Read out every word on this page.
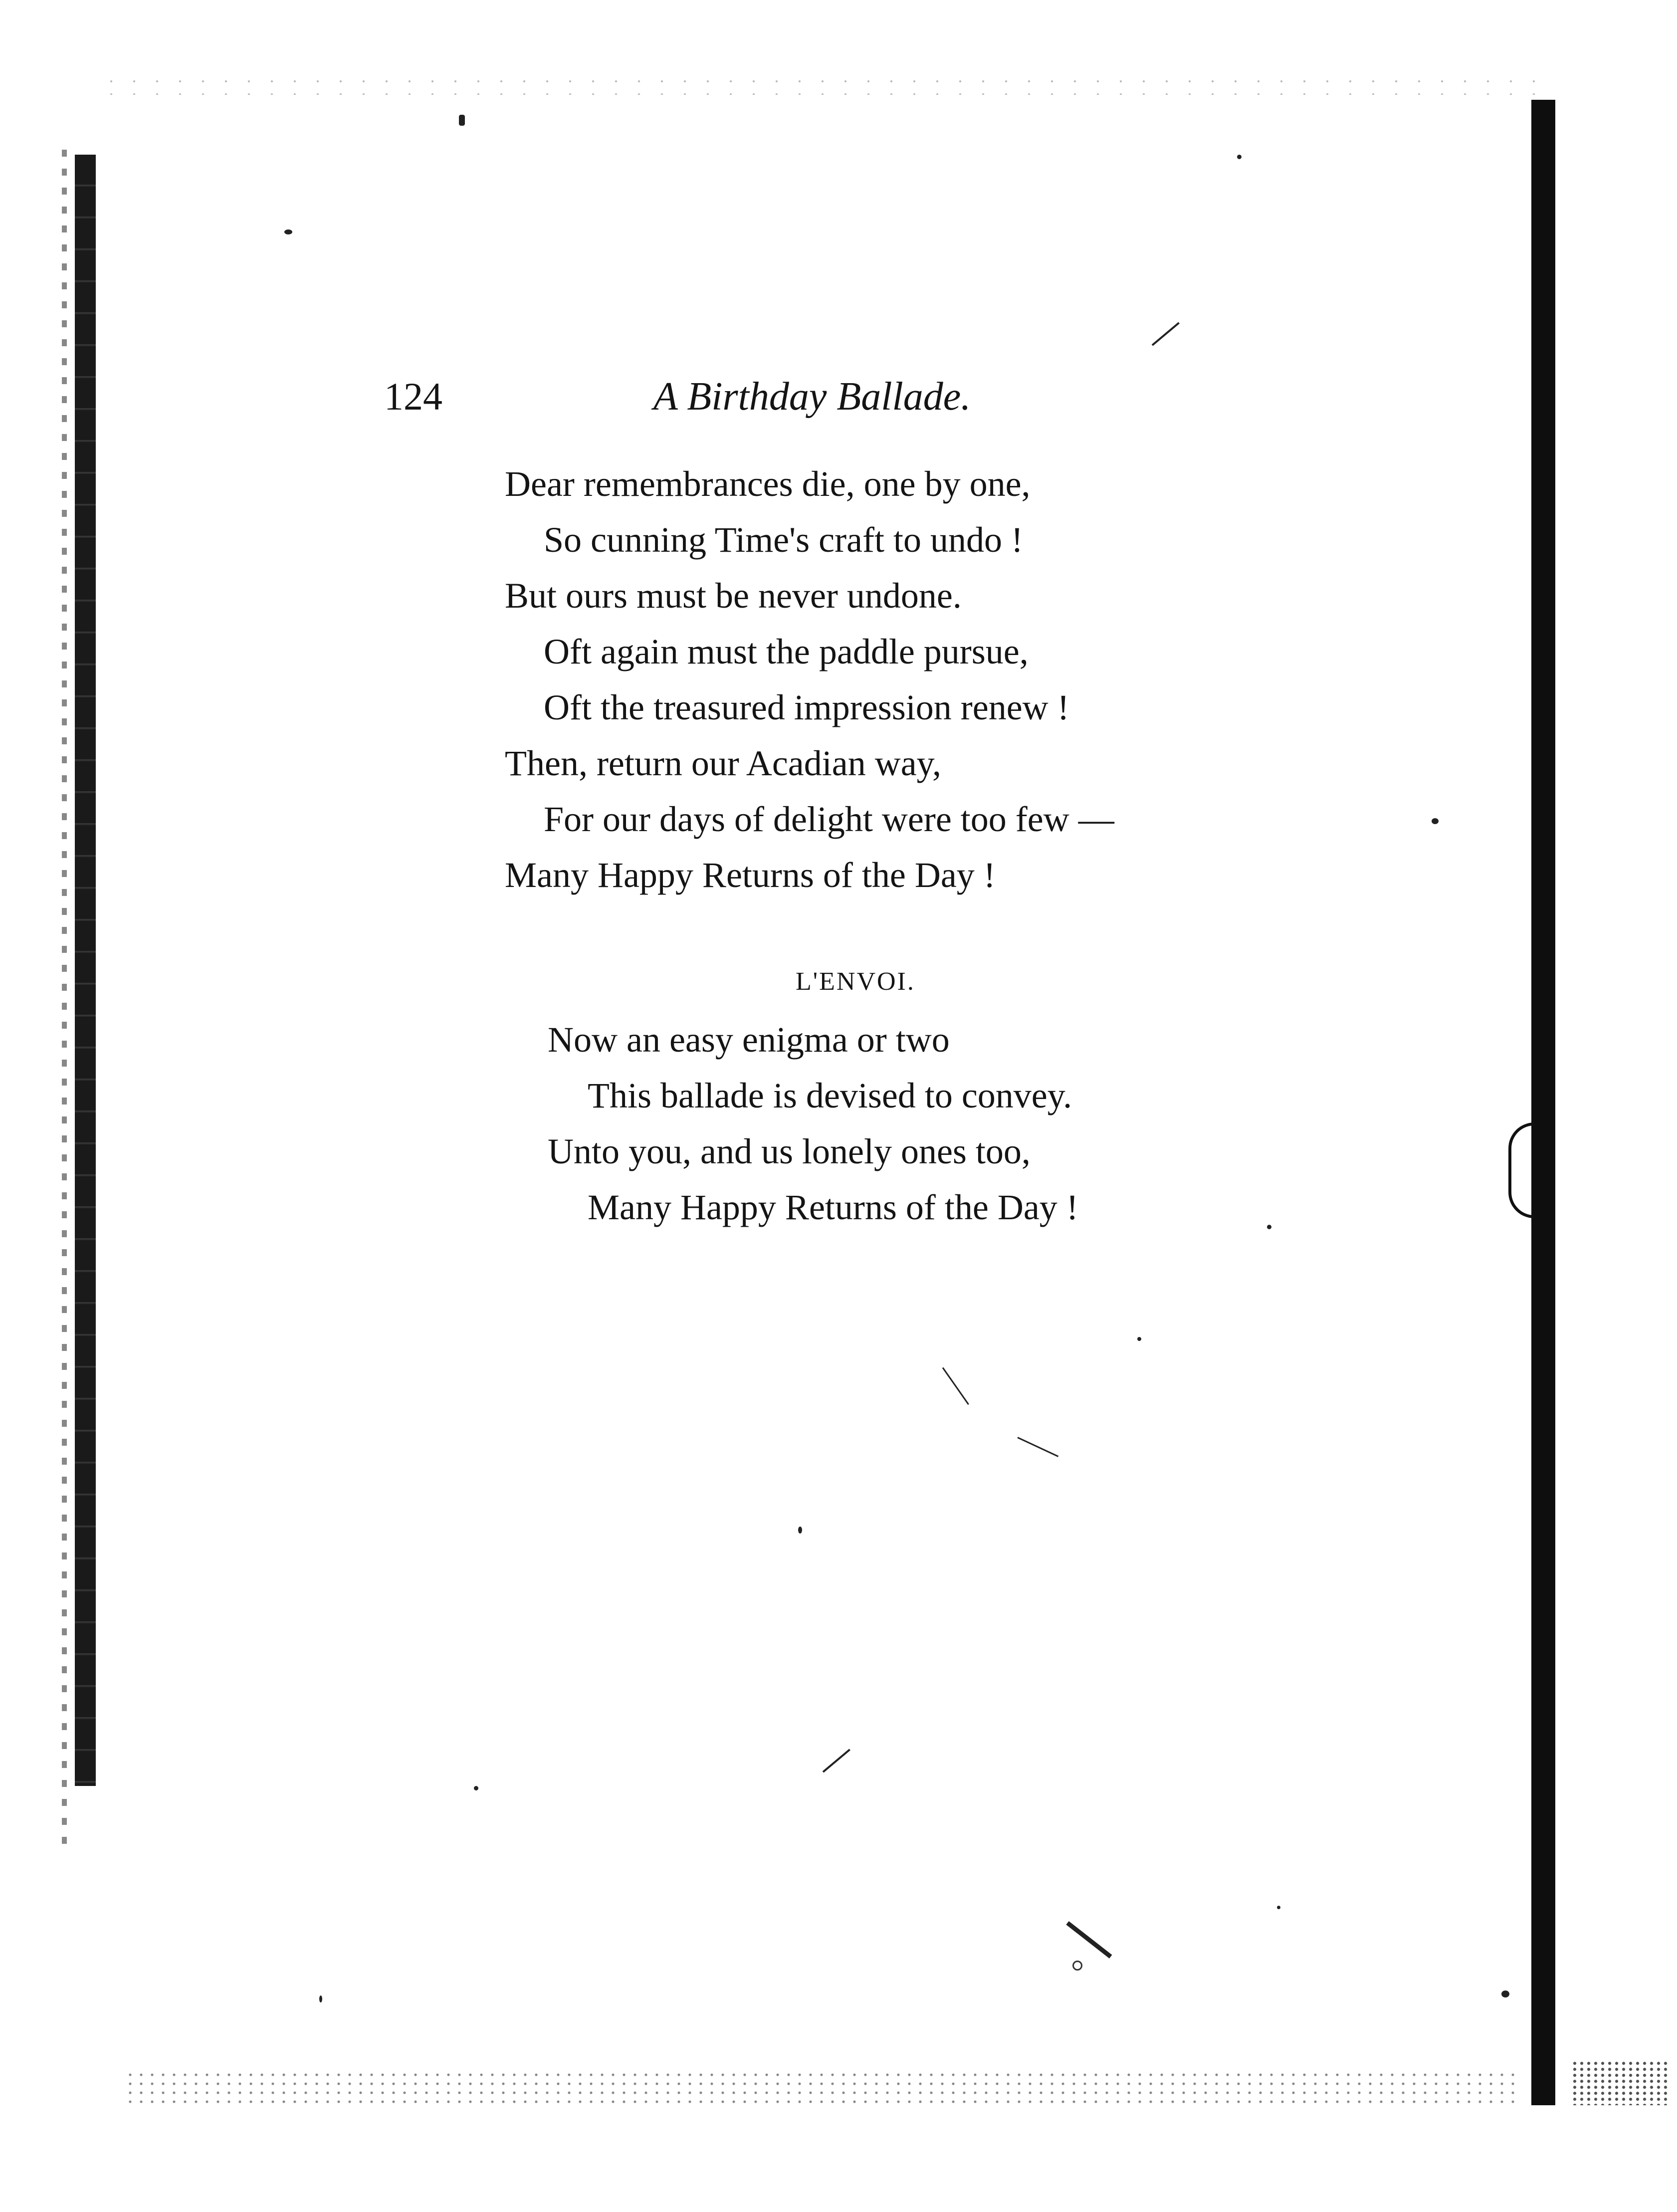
124	A Birthday Ballade.
Dear remembrances die, one by one,
So cunning Time's craft to undo !
But ours must be never undone.
Oft again must the paddle pursue,
Oft the treasured impression renew !
Then, return our Acadian way,
For our days of delight were too few —
Many Happy Returns of the Day !
L'ENVOI.
Now an easy enigma or two
This ballade is devised to convey.
Unto you, and us lonely ones too,
Many Happy Returns of the Day !
